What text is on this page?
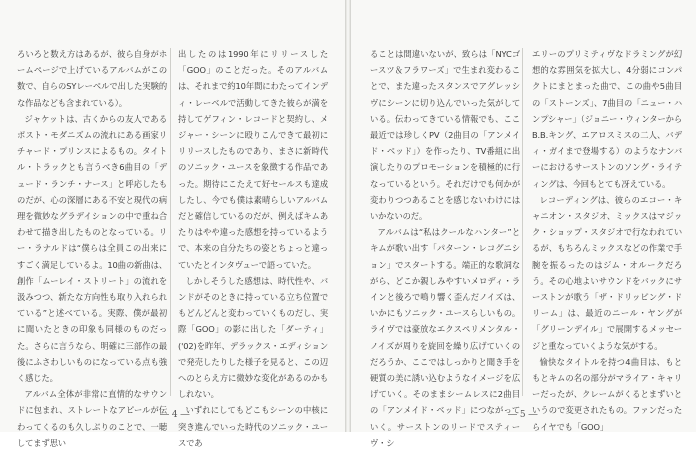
ろいろと数え方はあるが、彼ら自身がホームページで上げているアルバムがこの数で、自らのSYレーベルで出した実験的な作品なども含まれている）。

ジャケットは、古くからの友人であるポスト・モダニズムの流れにある画家リチャード・プリンスによるもの。タイトル・トラックとも言うべき6曲目の「デュード・ランチ・ナース」と呼応したものだが、心の深層にある不安と現代の病理を微妙なグラデイションの中で重ね合わせて描き出したものとなっている。リー・ラナルドは“僕らは全員この出来にすごく満足しているよ。10曲の新曲は、創作「ムーレイ・ストリート」の流れを汲みつつ、新たな方向性も取り入れられている”と述べている。実際、僕が最初に聞いたときの印象も同様のものだった。さらに言うなら、明確に三部作の最後にふさわしいものになっている点も強く感じた。

アルバム全体が非常に直情的なサウンドに包まれ、ストレートなアピールが伝わってくるのも久しぶりのことで、一聴してまず思い

出したのは1990年にリリースした「GOO」のことだった。そのアルバムは、それまで約10年間にわたってインディ・レーベルで活動してきた彼らが満を持してゲフィン・レコードと契約し、メジャー・シーンに殴りこんできて最初にリリースしたものであり、まさに新時代のソニック・ユースを象徴する作品であった。期待にこたえて好セールスも達成したし、今でも僕は素晴らしいアルバムだと確信しているのだが、例えばキムあたりはやや違った感想を持っているようで、本来の自分たちの姿とちょっと違っていたとインタヴューで語っていた。

しかしそうした感想は、時代性や、バンドがそのときに持っている立ち位置でもどんどんと変わっていくものだし、実際「GOO」の影に出した「ダーティ」('02)を昨年、デラックス・エディションで発売したりした様子を見ると、この辺へのとらえ方に微妙な変化があるのかもしれない。

いずれにしてもどこもシーンの中核に突き進んでいった時代のソニック・ユースであ

ることは間違いないが、致らは「NYCゴースツ＆フラワーズ」で生まれ変わることで、また違ったスタンスでアグレッシヴにシーンに切り込んでいった気がしている。伝わってきている情報でも、ここ最近では珍しくPV（2曲目の「アンメイド・ベッド」）を作ったり、TV番組に出演したりのプロモーションを積極的に行なっているという。それだけでも何かが変わりつつあることを感じないわけにはいかないのだ。

アルバムは“私はクールなハンター”とキムが歌い出す「パターン・レコグニション」でスタートする。端正的な歌詞ながら、どこか親しみやすいメロディ・ラインと後ろで鳴り響く歪んだノイズは、いかにもソニック・ユースらしいもの。ライヴでは豪放なエクスペリメンタル・ノイズが周りを旋回を繰り広げていくのだろうか、ここではしっかりと聞き手を硬質の美に誘い込むようなイメージを広げていく。そのままシームレスに2曲目の「アンメイド・ベッド」につながっていく。サーストンのリードでスティーヴ・シ

エリーのプリミティヴなドラミングが幻想的な雰囲気を拡大し、4分弱にコンパクトにまとまった曲で、この曲や5曲目の「ストーンズ」、7曲目の「ニュー・ハンプシャー」（ジョニー・ウィンターからB.B.キング、エアロスミスの二人、バディ・ガイまで登場する）のようなナンバーにおけるサーストンのソング・ライティングは、今回もとても冴えている。

レコーディングは、彼らのエコー・キャニオン・スタジオ、ミックスはマジック・ショップ・スタジオで行なわれているが、もちろんミックスなどの作業で手腕を振るったのはジム・オルークだろう。その心地よいサウンドをバックにサーストンが歌う「ザ・ドリッピング・ドリーム」は、最近のニール・ヤングが「グリーンデイル」で展開するメッセージと重なっていくような気がする。

愉快なタイトルを持つ4曲目は、もともとキムの名の部分がマライア・キャリーだったが、クレームがくるとまずいというので変更されたもの。ファンだったらイヤでも「GOO」

― 4 ―	― 5 ―
